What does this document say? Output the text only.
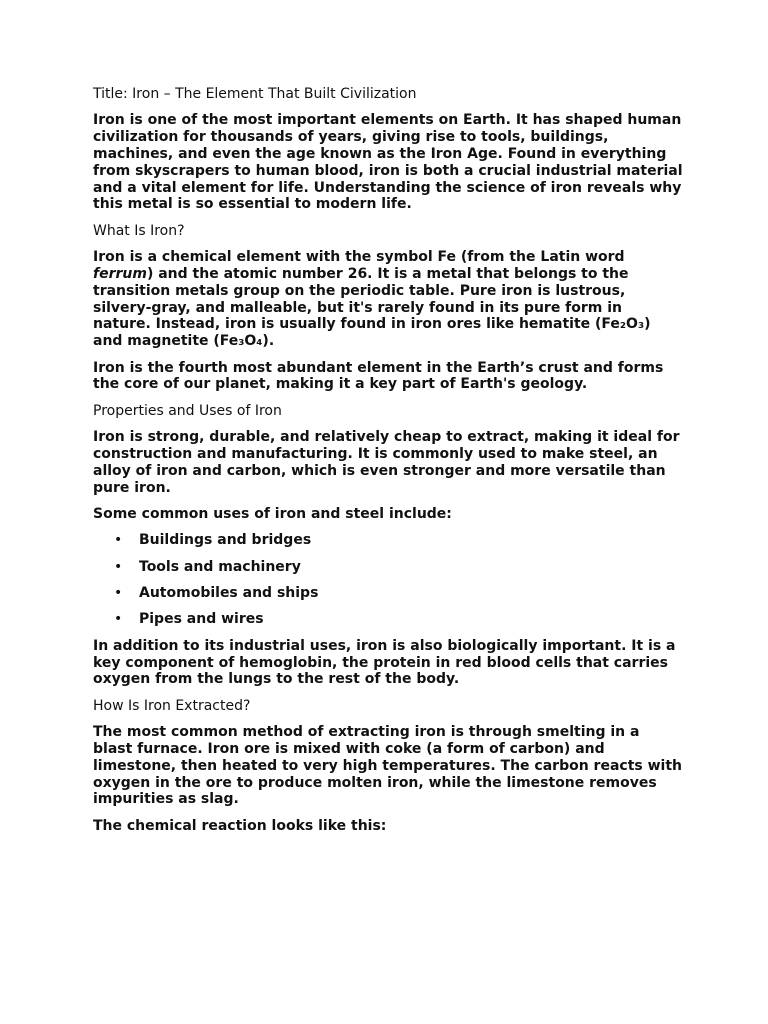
Title: Iron – The Element That Built Civilization

Iron is one of the most important elements on Earth. It has shaped human civilization for thousands of years, giving rise to tools, buildings, machines, and even the age known as the Iron Age. Found in everything from skyscrapers to human blood, iron is both a crucial industrial material and a vital element for life. Understanding the science of iron reveals why this metal is so essential to modern life.

What Is Iron?

Iron is a chemical element with the symbol Fe (from the Latin word ferrum) and the atomic number 26. It is a metal that belongs to the transition metals group on the periodic table. Pure iron is lustrous, silvery-gray, and malleable, but it's rarely found in its pure form in nature. Instead, iron is usually found in iron ores like hematite (Fe₂O₃) and magnetite (Fe₃O₄).

Iron is the fourth most abundant element in the Earth’s crust and forms the core of our planet, making it a key part of Earth's geology.

Properties and Uses of Iron

Iron is strong, durable, and relatively cheap to extract, making it ideal for construction and manufacturing. It is commonly used to make steel, an alloy of iron and carbon, which is even stronger and more versatile than pure iron.

Some common uses of iron and steel include:

• Buildings and bridges
• Tools and machinery
• Automobiles and ships
• Pipes and wires

In addition to its industrial uses, iron is also biologically important. It is a key component of hemoglobin, the protein in red blood cells that carries oxygen from the lungs to the rest of the body.

How Is Iron Extracted?

The most common method of extracting iron is through smelting in a blast furnace. Iron ore is mixed with coke (a form of carbon) and limestone, then heated to very high temperatures. The carbon reacts with oxygen in the ore to produce molten iron, while the limestone removes impurities as slag.

The chemical reaction looks like this:
